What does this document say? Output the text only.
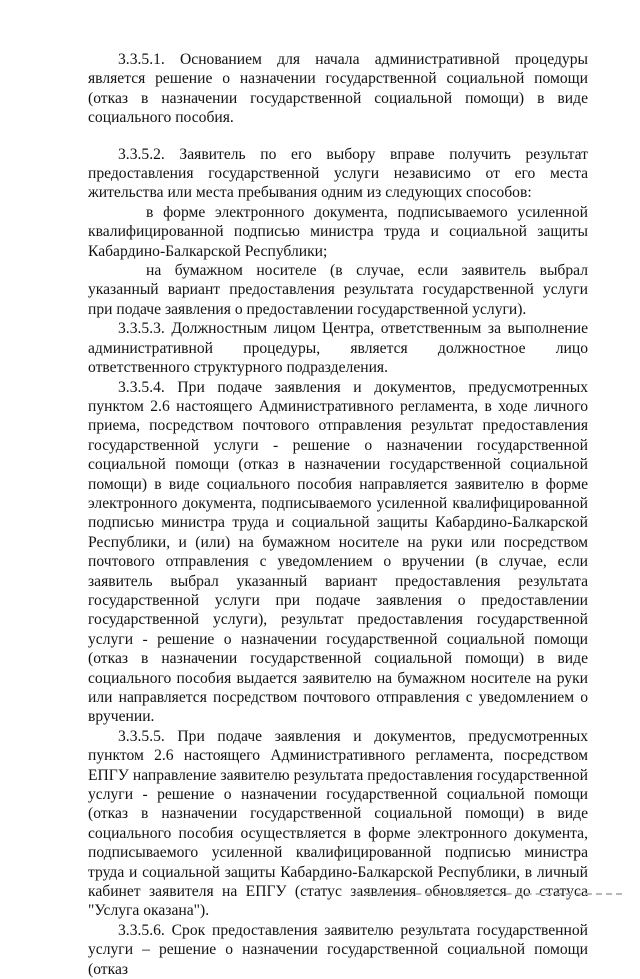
3.3.5.1. Основанием для начала административной процедуры является решение о назначении государственной социальной помощи (отказ в назначении государственной социальной помощи) в виде социального пособия.

3.3.5.2. Заявитель по его выбору вправе получить результат предоставления государственной услуги независимо от его места жительства или места пребывания одним из следующих способов:

в форме электронного документа, подписываемого усиленной квалифицированной подписью министра труда и социальной защиты Кабардино-Балкарской Республики;

на бумажном носителе (в случае, если заявитель выбрал указанный вариант предоставления результата государственной услуги при подаче заявления о предоставлении государственной услуги).

3.3.5.3. Должностным лицом Центра, ответственным за выполнение административной процедуры, является должностное лицо ответственного структурного подразделения.

3.3.5.4. При подаче заявления и документов, предусмотренных пунктом 2.6 настоящего Административного регламента, в ходе личного приема, посредством почтового отправления результат предоставления государственной услуги - решение о назначении государственной социальной помощи (отказ в назначении государственной социальной помощи) в виде социального пособия направляется заявителю в форме электронного документа, подписываемого усиленной квалифицированной подписью министра труда и социальной защиты Кабардино-Балкарской Республики, и (или) на бумажном носителе на руки или посредством почтового отправления с уведомлением о вручении (в случае, если заявитель выбрал указанный вариант предоставления результата государственной услуги при подаче заявления о предоставлении государственной услуги), результат предоставления государственной услуги - решение о назначении государственной социальной помощи (отказ в назначении государственной социальной помощи) в виде социального пособия выдается заявителю на бумажном носителе на руки или направляется посредством почтового отправления с уведомлением о вручении.

3.3.5.5. При подаче заявления и документов, предусмотренных пунктом 2.6 настоящего Административного регламента, посредством ЕПГУ направление заявителю результата предоставления государственной услуги - решение о назначении государственной социальной помощи (отказ в назначении государственной социальной помощи) в виде социального пособия осуществляется в форме электронного документа, подписываемого усиленной квалифицированной подписью министра труда и социальной защиты Кабардино-Балкарской Республики, в личный кабинет заявителя на ЕПГУ (статус заявления обновляется до статуса "Услуга оказана").

3.3.5.6. Срок предоставления заявителю результата государственной услуги – решение о назначении государственной социальной помощи (отказ
